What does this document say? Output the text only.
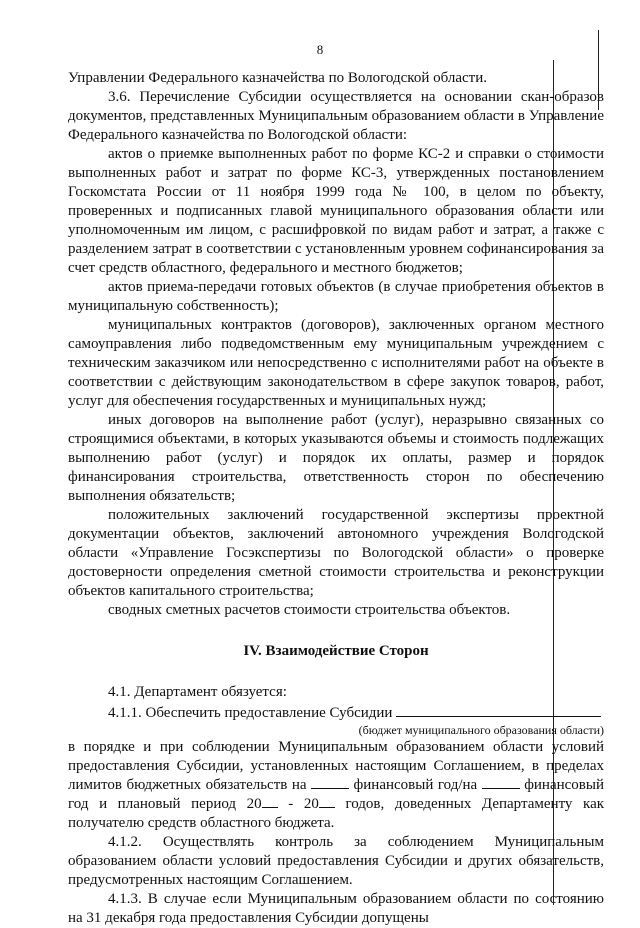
8

Управлении Федерального казначейства по Вологодской области.

3.6. Перечисление Субсидии осуществляется на основании скан-образов документов, представленных Муниципальным образованием области в Управление Федерального казначейства по Вологодской области:

актов о приемке выполненных работ по форме КС-2 и справки о стоимости выполненных работ и затрат по форме КС-3, утвержденных постановлением Госкомстата России от 11 ноября 1999 года № 100, в целом по объекту, проверенных и подписанных главой муниципального образования области или уполномоченным им лицом, с расшифровкой по видам работ и затрат, а также с разделением затрат в соответствии с установленным уровнем софинансирования за счет средств областного, федерального и местного бюджетов;

актов приема-передачи готовых объектов (в случае приобретения объектов в муниципальную собственность);

муниципальных контрактов (договоров), заключенных органом местного самоуправления либо подведомственным ему муниципальным учреждением с техническим заказчиком или непосредственно с исполнителями работ на объекте в соответствии с действующим законодательством в сфере закупок товаров, работ, услуг для обеспечения государственных и муниципальных нужд;

иных договоров на выполнение работ (услуг), неразрывно связанных со строящимися объектами, в которых указываются объемы и стоимость подлежащих выполнению работ (услуг) и порядок их оплаты, размер и порядок финансирования строительства, ответственность сторон по обеспечению выполнения обязательств;

положительных заключений государственной экспертизы проектной документации объектов, заключений автономного учреждения Вологодской области «Управление Госэкспертизы по Вологодской области» о проверке достоверности определения сметной стоимости строительства и реконструкции объектов капитального строительства;

сводных сметных расчетов стоимости строительства объектов.

IV. Взаимодействие Сторон

4.1. Департамент обязуется:

4.1.1. Обеспечить предоставление Субсидии

(бюджет муниципального образования области)

в порядке и при соблюдении Муниципальным образованием области условий предоставления Субсидии, установленных настоящим Соглашением, в пределах лимитов бюджетных обязательств на	финансовый год/на	финансовый год и плановый период 20 - 20 годов, доведенных Департаменту как получателю средств областного бюджета.

4.1.2. Осуществлять контроль за соблюдением Муниципальным образованием области условий предоставления Субсидии и других обязательств, предусмотренных настоящим Соглашением.

4.1.3. В случае если Муниципальным образованием области по состоянию на 31 декабря года предоставления Субсидии допущены
